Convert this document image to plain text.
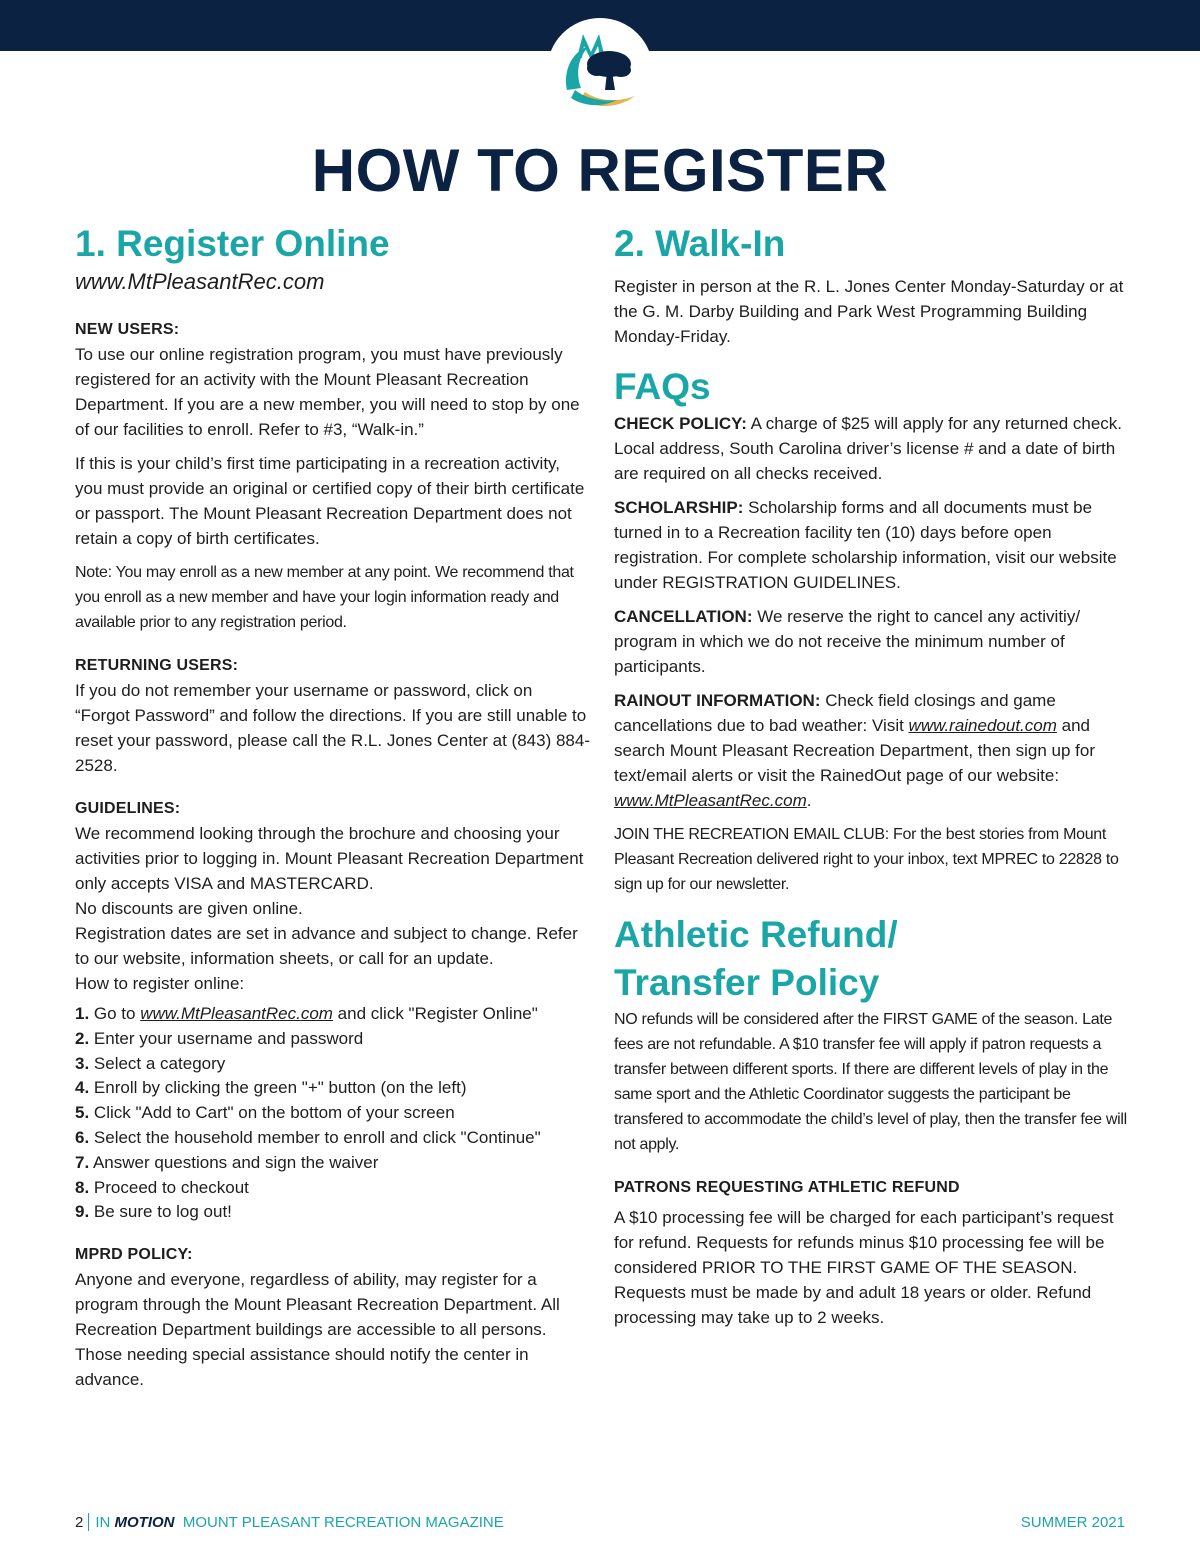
HOW TO REGISTER
1. Register Online
www.MtPleasantRec.com
NEW USERS:
To use our online registration program, you must have previously registered for an activity with the Mount Pleasant Recreation Department. If you are a new member, you will need to stop by one of our facilities to enroll. Refer to #3, “Walk-in.”
If this is your child’s first time participating in a recreation activity, you must provide an original or certified copy of their birth certificate or passport. The Mount Pleasant Recreation Department does not retain a copy of birth certificates.
Note: You may enroll as a new member at any point. We recommend that you enroll as a new member and have your login information ready and available prior to any registration period.
RETURNING USERS:
If you do not remember your username or password, click on “Forgot Password” and follow the directions. If you are still unable to reset your password, please call the R.L. Jones Center at (843) 884-2528.
GUIDELINES:
We recommend looking through the brochure and choosing your activities prior to logging in. Mount Pleasant Recreation Department only accepts VISA and MASTERCARD.
No discounts are given online.
Registration dates are set in advance and subject to change. Refer to our website, information sheets, or call for an update.
How to register online:
1. Go to www.MtPleasantRec.com and click "Register Online"
2. Enter your username and password
3. Select a category
4. Enroll by clicking the green "+" button (on the left)
5. Click "Add to Cart" on the bottom of your screen
6. Select the household member to enroll and click "Continue"
7. Answer questions and sign the waiver
8. Proceed to checkout
9. Be sure to log out!
MPRD POLICY:
Anyone and everyone, regardless of ability, may register for a program through the Mount Pleasant Recreation Department. All Recreation Department buildings are accessible to all persons. Those needing special assistance should notify the center in advance.
2. Walk-In
Register in person at the R. L. Jones Center Monday-Saturday or at the G. M. Darby Building and Park West Programming Building Monday-Friday.
FAQs
CHECK POLICY: A charge of $25 will apply for any returned check. Local address, South Carolina driver’s license # and a date of birth are required on all checks received.
SCHOLARSHIP: Scholarship forms and all documents must be turned in to a Recreation facility ten (10) days before open registration. For complete scholarship information, visit our website under REGISTRATION GUIDELINES.
CANCELLATION: We reserve the right to cancel any activitiy/ program in which we do not receive the minimum number of participants.
RAINOUT INFORMATION: Check field closings and game cancellations due to bad weather: Visit www.rainedout.com and search Mount Pleasant Recreation Department, then sign up for text/email alerts or visit the RainedOut page of our website: www.MtPleasantRec.com.
JOIN THE RECREATION EMAIL CLUB: For the best stories from Mount Pleasant Recreation delivered right to your inbox, text MPREC to 22828 to sign up for our newsletter.
Athletic Refund/
Transfer Policy
NO refunds will be considered after the FIRST GAME of the season. Late fees are not refundable. A $10 transfer fee will apply if patron requests a transfer between different sports. If there are different levels of play in the same sport and the Athletic Coordinator suggests the participant be transfered to accommodate the child’s level of play, then the transfer fee will not apply.
PATRONS REQUESTING ATHLETIC REFUND
A $10 processing fee will be charged for each participant’s request for refund. Requests for refunds minus $10 processing fee will be considered PRIOR TO THE FIRST GAME OF THE SEASON. Requests must be made by and adult 18 years or older. Refund processing may take up to 2 weeks.
2 IN MOTION MOUNT PLEASANT RECREATION MAGAZINE	SUMMER 2021
